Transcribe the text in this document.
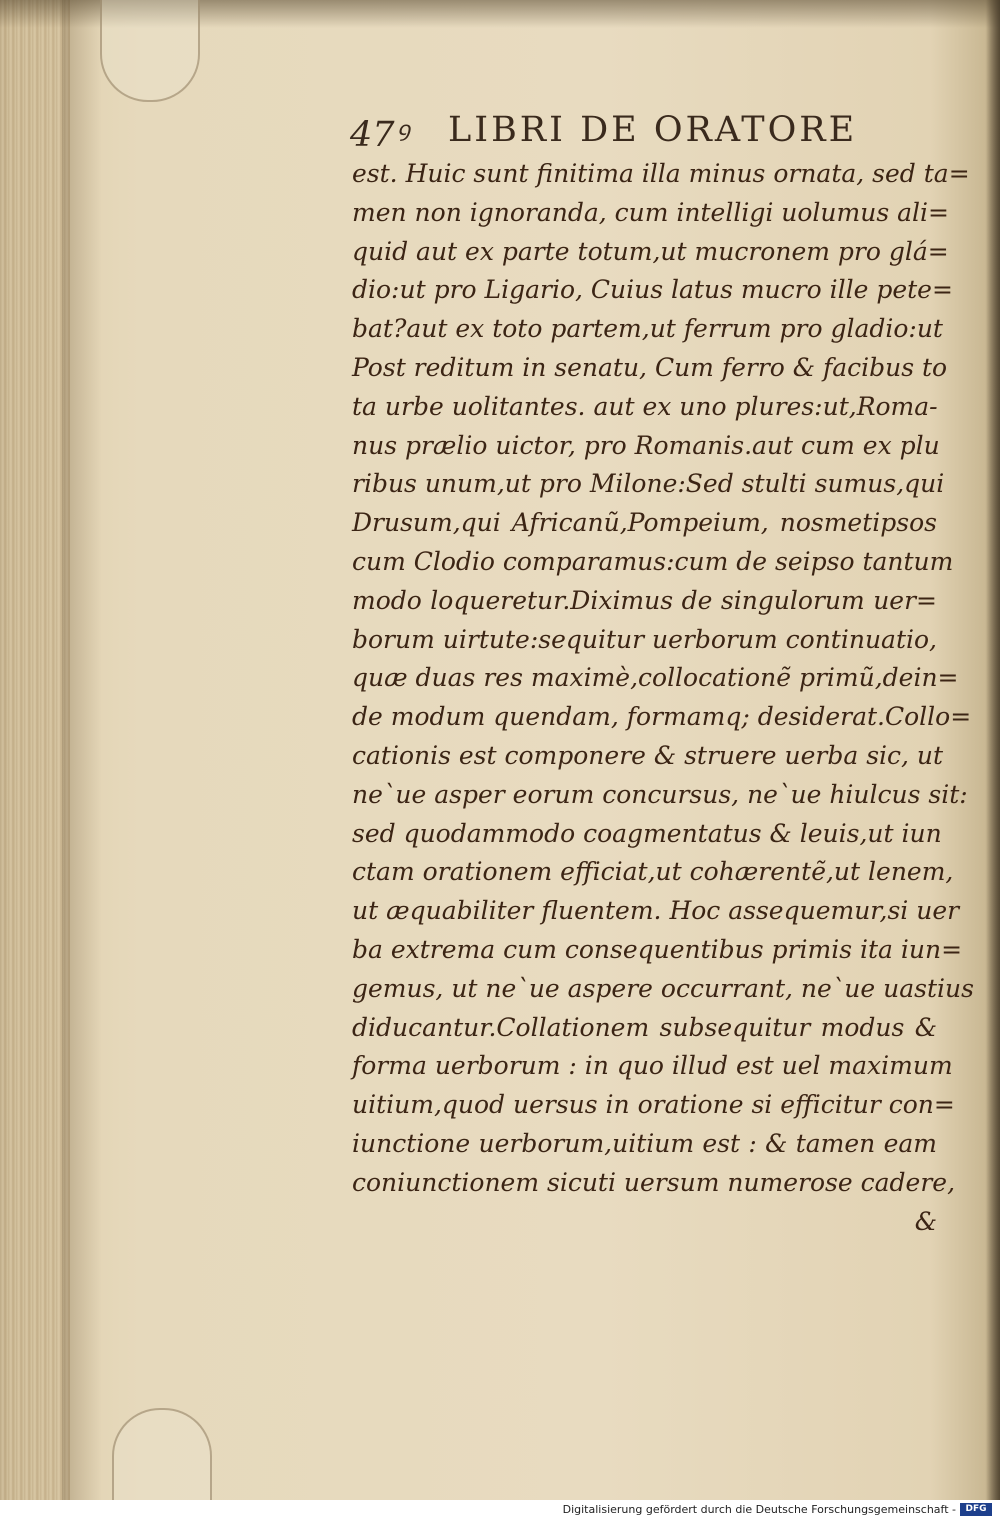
47ꝰ LIBRI DE ORATORE
est. Huic sunt finitima illa minus ornata, sed ta=
men non ignoranda, cum intelligi uolumus ali=
quid aut ex parte totum,ut mucronem pro glá=
dio:ut pro Ligario, Cuius latus mucro ille pete=
bat?aut ex toto partem,ut ferrum pro gladio:ut
Post reditum in senatu, Cum ferro & facibus to
ta urbe uolitantes. aut ex uno plures:ut,Roma-
nus prælio uictor, pro Romanis.aut cum ex plu
ribus unum,ut pro Milone:Sed stulti sumus,qui
Drusum,qui Africanũ,Pompeium, nosmetipsos
cum Clodio comparamus:cum de seipso tantum
modo loqueretur.Diximus de singulorum uer=
borum uirtute:sequitur uerborum continuatio,
quæ duas res maximè,collocationẽ primũ,dein=
de modum quendam, formamq; desiderat.Collo=
cationis est componere & struere uerba sic, ut
ne`ue asper eorum concursus, ne`ue hiulcus sit:
sed quodammodo coagmentatus & leuis,ut iun
ctam orationem efficiat,ut cohærentẽ,ut lenem,
ut æquabiliter fluentem. Hoc assequemur,si uer
ba extrema cum consequentibus primis ita iun=
gemus, ut ne`ue aspere occurrant, ne`ue uastius
diducantur.Collationem subsequitur modus &
forma uerborum : in quo illud est uel maximum
uitium,quod uersus in oratione si efficitur con=
iunctione uerborum,uitium est : & tamen eam
coniunctionem sicuti uersum numerose cadere,
&
Digitalisierung gefördert durch die Deutsche Forschungsgemeinschaft -	DFG
